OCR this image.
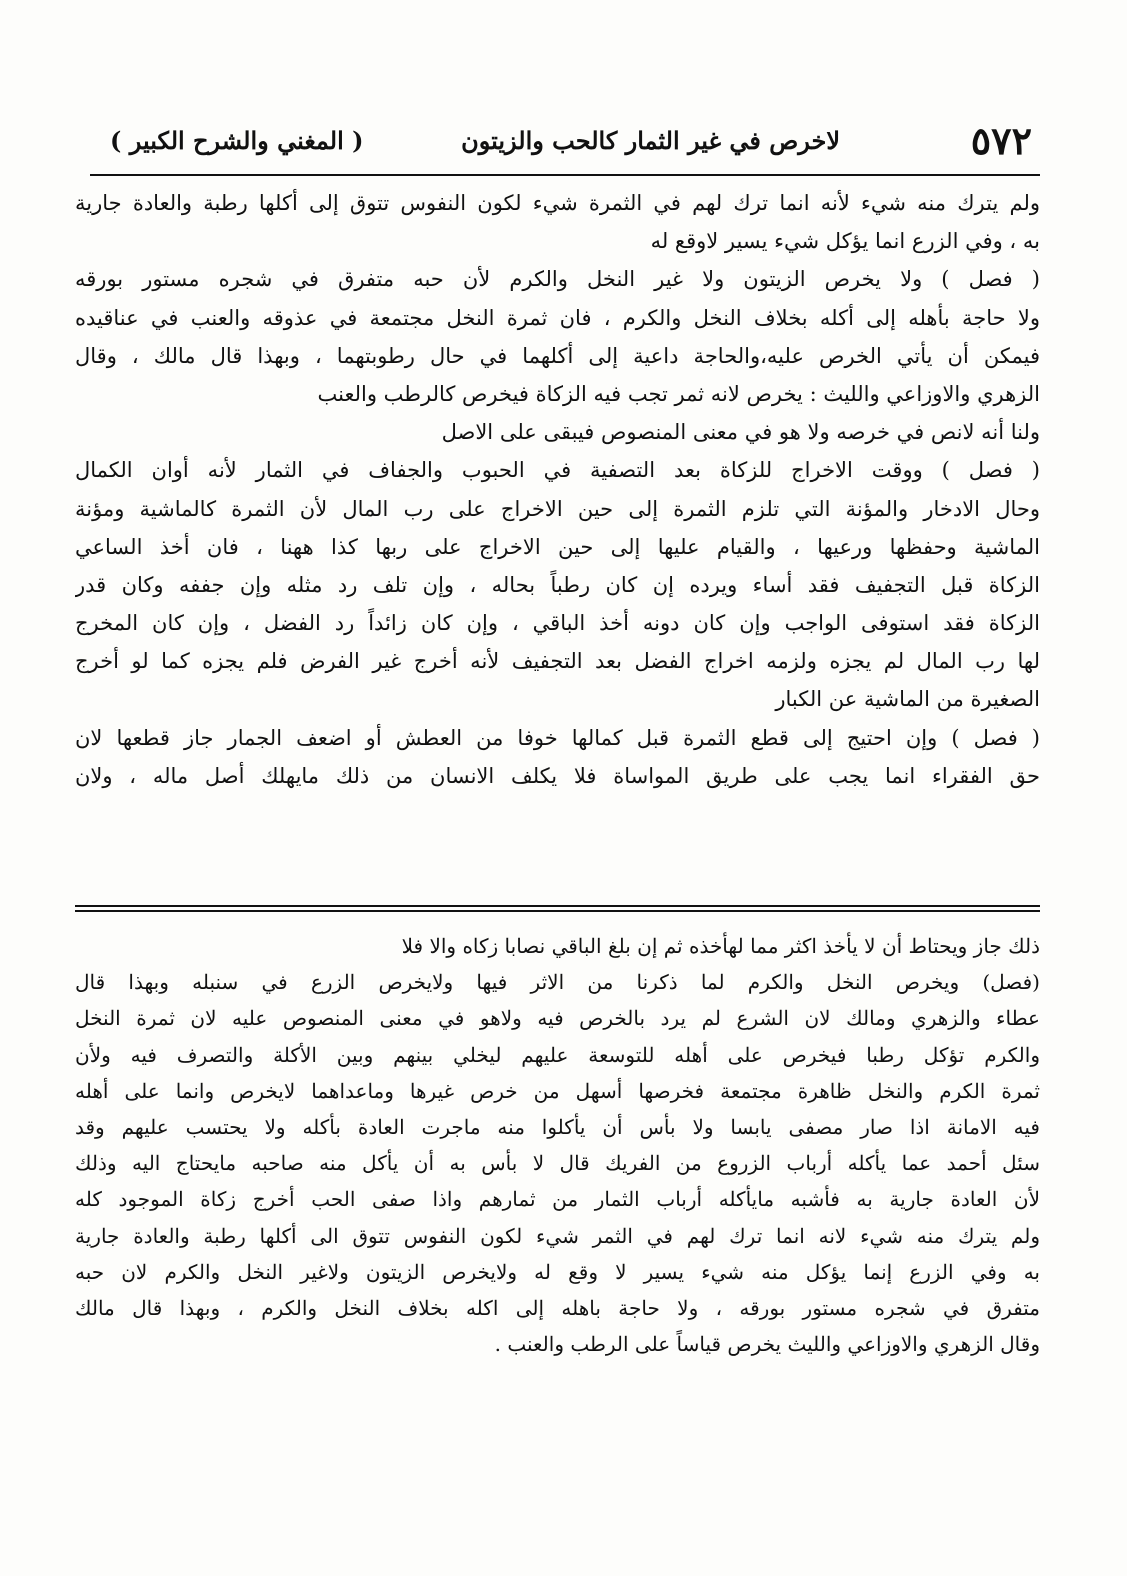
٥٧٢
لاخرص في غير الثمار كالحب والزيتون
( المغني والشرح الكبير )
ولم يترك منه شيء لأنه انما ترك لهم في الثمرة شيء لكون النفوس تتوق إلى أكلها رطبة والعادة جارية
به ، وفي الزرع انما يؤكل شيء يسير لاوقع له
( فصل ) ولا يخرص الزيتون ولا غير النخل والكرم لأن حبه متفرق في شجره مستور بورقه
ولا حاجة بأهله إلى أكله بخلاف النخل والكرم ، فان ثمرة النخل مجتمعة في عذوقه والعنب في عناقيده
فيمكن أن يأتي الخرص عليه،والحاجة داعية إلى أكلهما في حال رطوبتهما ، وبهذا قال مالك ، وقال
الزهري والاوزاعي والليث : يخرص لانه ثمر تجب فيه الزكاة فيخرص كالرطب والعنب
ولنا أنه لانص في خرصه ولا هو في معنى المنصوص فيبقى على الاصل
( فصل ) ووقت الاخراج للزكاة بعد التصفية في الحبوب والجفاف في الثمار لأنه أوان الكمال
وحال الادخار والمؤنة التي تلزم الثمرة إلى حين الاخراج على رب المال لأن الثمرة كالماشية ومؤنة
الماشية وحفظها ورعيها ، والقيام عليها إلى حين الاخراج على ربها كذا ههنا ، فان أخذ الساعي
الزكاة قبل التجفيف فقد أساء ويرده إن كان رطباً بحاله ، وإن تلف رد مثله وإن جففه وكان قدر
الزكاة فقد استوفى الواجب وإن كان دونه أخذ الباقي ، وإن كان زائداً رد الفضل ، وإن كان المخرج
لها رب المال لم يجزه ولزمه اخراج الفضل بعد التجفيف لأنه أخرج غير الفرض فلم يجزه كما لو أخرج
الصغيرة من الماشية عن الكبار
( فصل ) وإن احتيج إلى قطع الثمرة قبل كمالها خوفا من العطش أو اضعف الجمار جاز قطعها لان
حق الفقراء انما يجب على طريق المواساة فلا يكلف الانسان من ذلك مايهلك أصل ماله ، ولان
ذلك جاز ويحتاط أن لا يأخذ اكثر مما لهأخذه ثم إن بلغ الباقي نصابا زكاه والا فلا
(فصل) ويخرص النخل والكرم لما ذكرنا من الاثر فيها ولايخرص الزرع في سنبله وبهذا قال
عطاء والزهري ومالك لان الشرع لم يرد بالخرص فيه ولاهو في معنى المنصوص عليه لان ثمرة النخل
والكرم تؤكل رطبا فيخرص على أهله للتوسعة عليهم ليخلي بينهم وبين الأكلة والتصرف فيه ولأن
ثمرة الكرم والنخل ظاهرة مجتمعة فخرصها أسهل من خرص غيرها وماعداهما لايخرص وانما على أهله
فيه الامانة اذا صار مصفى يابسا ولا بأس أن يأكلوا منه ماجرت العادة بأكله ولا يحتسب عليهم وقد
سئل أحمد عما يأكله أرباب الزروع من الفريك قال لا بأس به أن يأكل منه صاحبه مايحتاج اليه وذلك
لأن العادة جارية به فأشبه مايأكله أرباب الثمار من ثمارهم واذا صفى الحب أخرج زكاة الموجود كله
ولم يترك منه شيء لانه انما ترك لهم في الثمر شيء لكون النفوس تتوق الى أكلها رطبة والعادة جارية
به وفي الزرع إنما يؤكل منه شيء يسير لا وقع له ولايخرص الزيتون ولاغير النخل والكرم لان حبه
متفرق في شجره مستور بورقه ، ولا حاجة باهله إلى اكله بخلاف النخل والكرم ، وبهذا قال مالك
وقال الزهري والاوزاعي والليث يخرص قياساً على الرطب والعنب .
